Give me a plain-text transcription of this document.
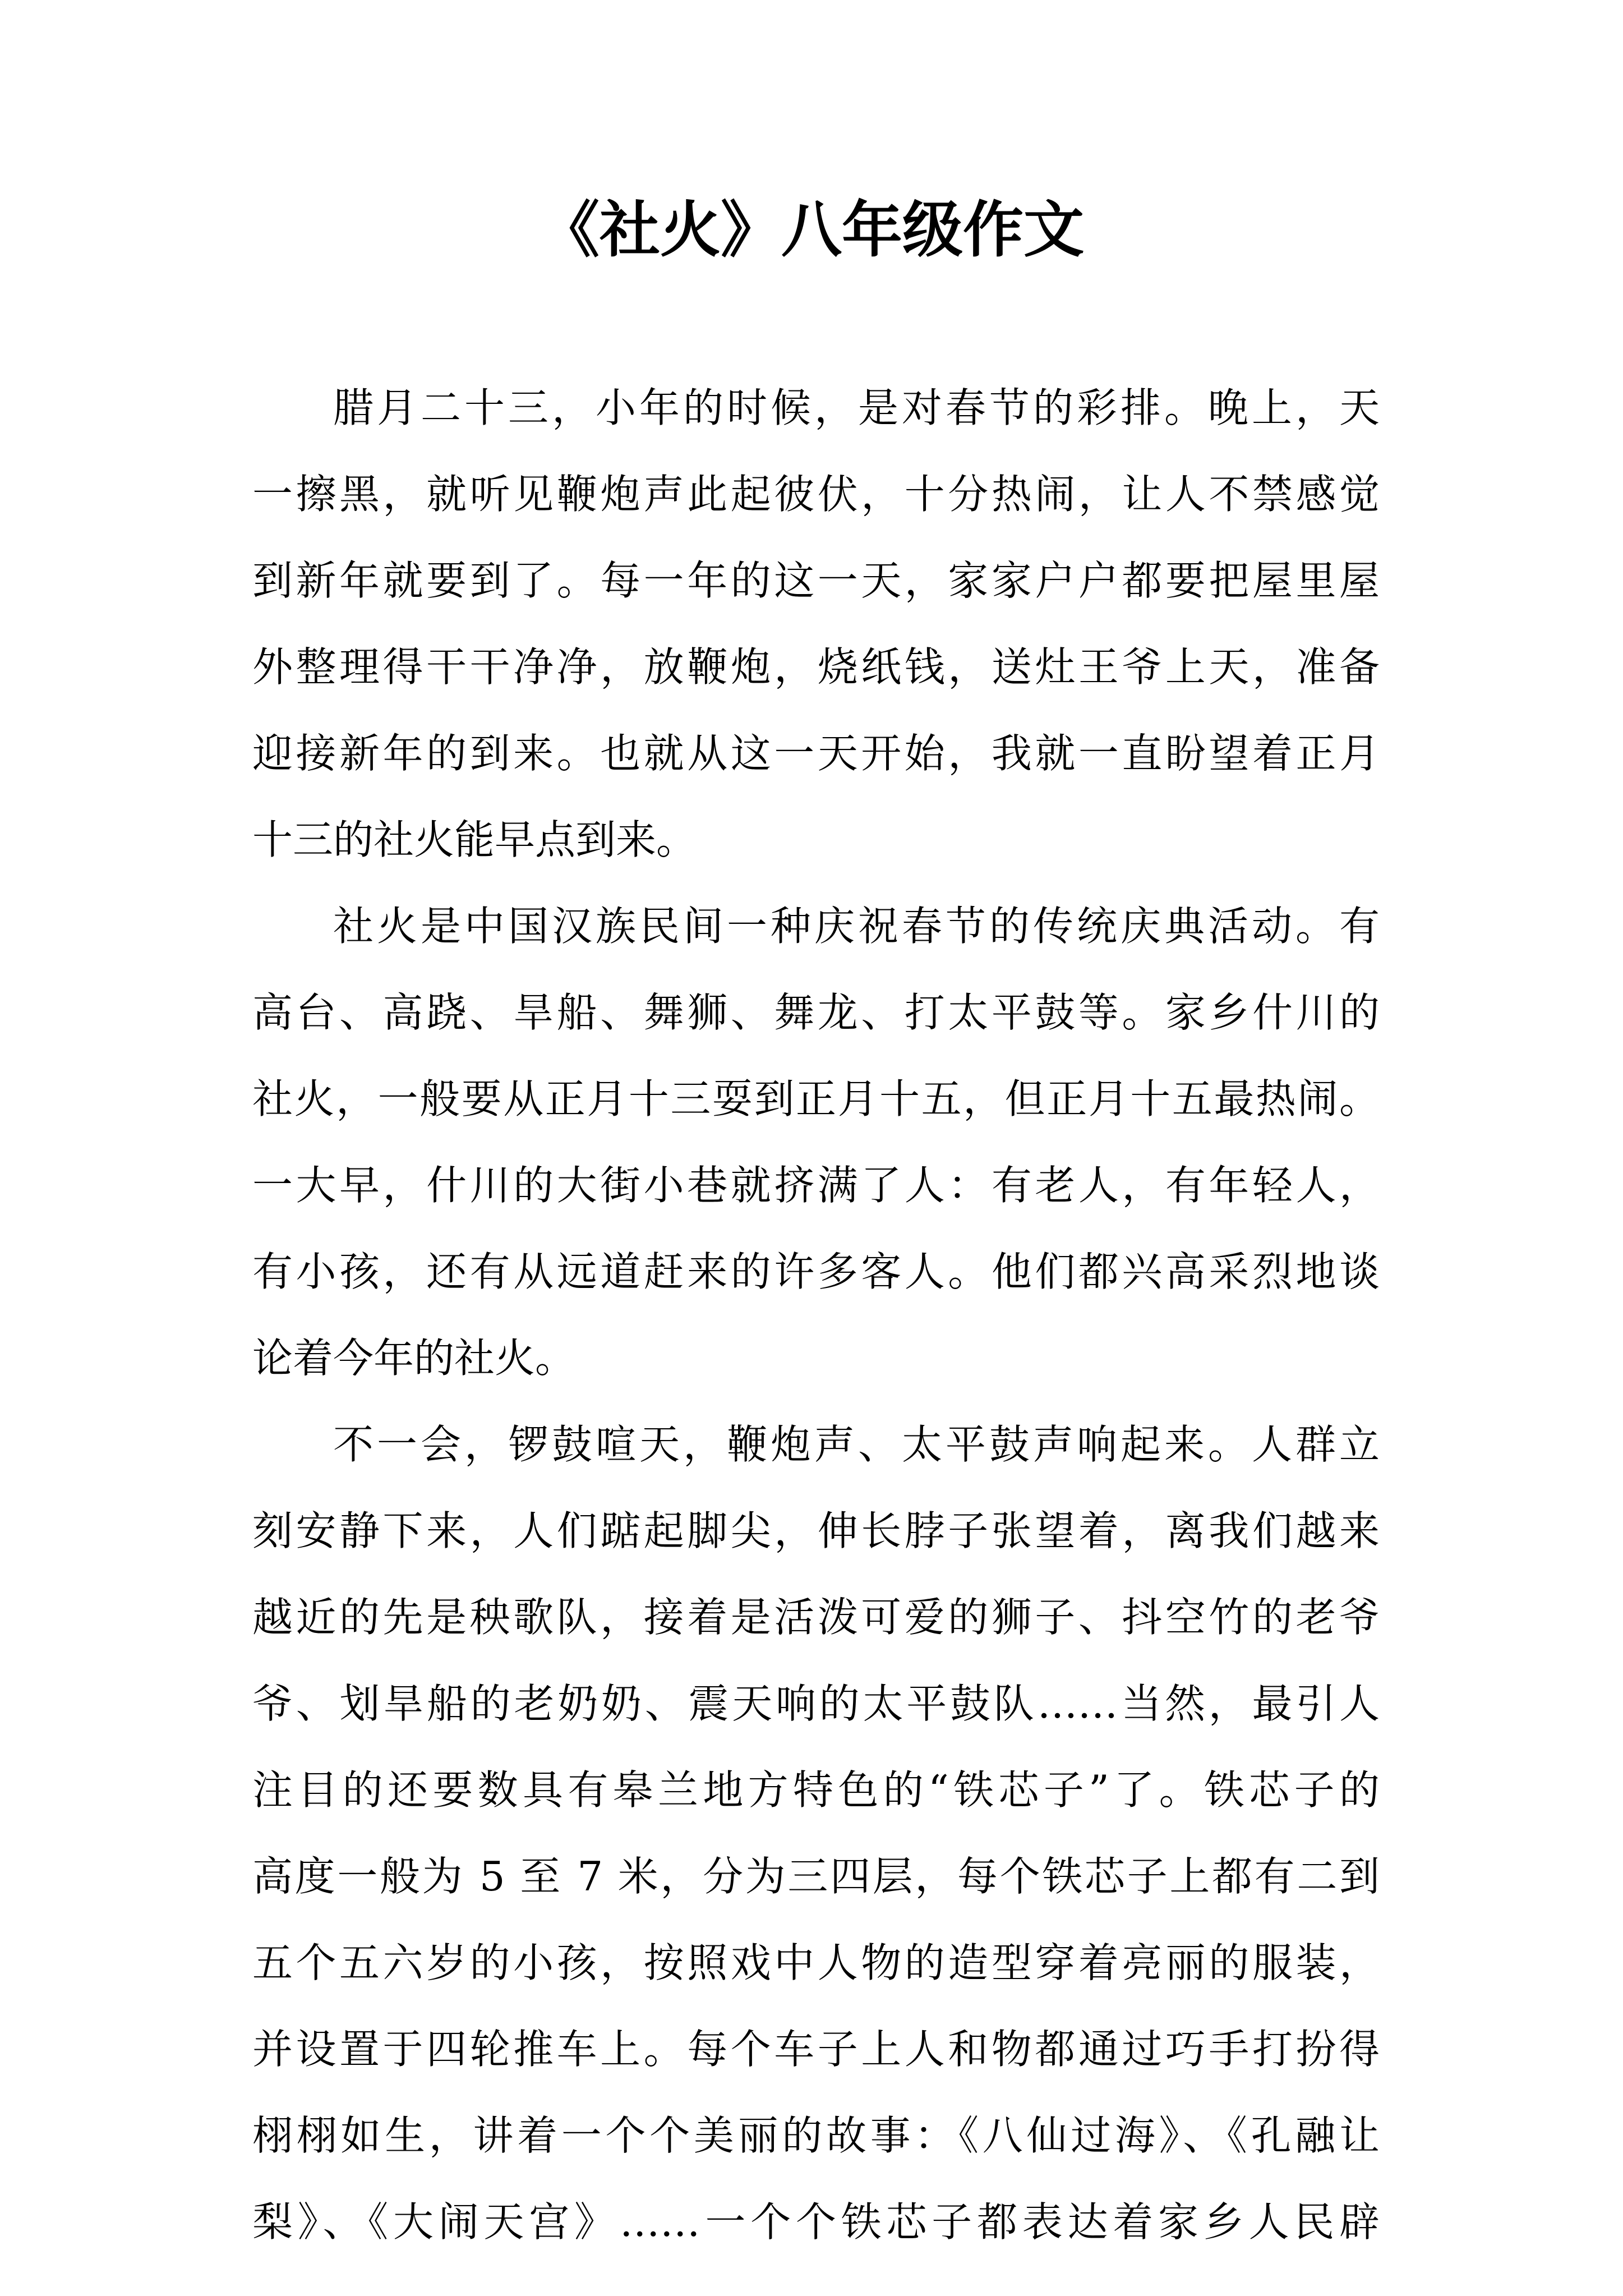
《社火》八年级作文
腊月二十三，小年的时候，是对春节的彩排。晚上，天
一擦黑，就听见鞭炮声此起彼伏，十分热闹，让人不禁感觉
到新年就要到了。每一年的这一天，家家户户都要把屋里屋
外整理得干干净净，放鞭炮，烧纸钱，送灶王爷上天，准备
迎接新年的到来。也就从这一天开始，我就一直盼望着正月
十三的社火能早点到来。
社火是中国汉族民间一种庆祝春节的传统庆典活动。有
高台、高跷、旱船、舞狮、舞龙、打太平鼓等。家乡什川的
社火，一般要从正月十三耍到正月十五，但正月十五最热闹。
一大早，什川的大街小巷就挤满了人：有老人，有年轻人，
有小孩，还有从远道赶来的许多客人。他们都兴高采烈地谈
论着今年的社火。
不一会，锣鼓喧天，鞭炮声、太平鼓声响起来。人群立
刻安静下来，人们踮起脚尖，伸长脖子张望着，离我们越来
越近的先是秧歌队，接着是活泼可爱的狮子、抖空竹的老爷
爷、划旱船的老奶奶、震天响的太平鼓队……当然，最引人
注目的还要数具有皋兰地方特色的“铁芯子”了。铁芯子的
高度一般为 5 至 7 米，分为三四层，每个铁芯子上都有二到
五个五六岁的小孩，按照戏中人物的造型穿着亮丽的服装，
并设置于四轮推车上。每个车子上人和物都通过巧手打扮得
栩栩如生，讲着一个个美丽的故事：《八仙过海》、《孔融让
梨》、《大闹天宫》……一个个铁芯子都表达着家乡人民辟
